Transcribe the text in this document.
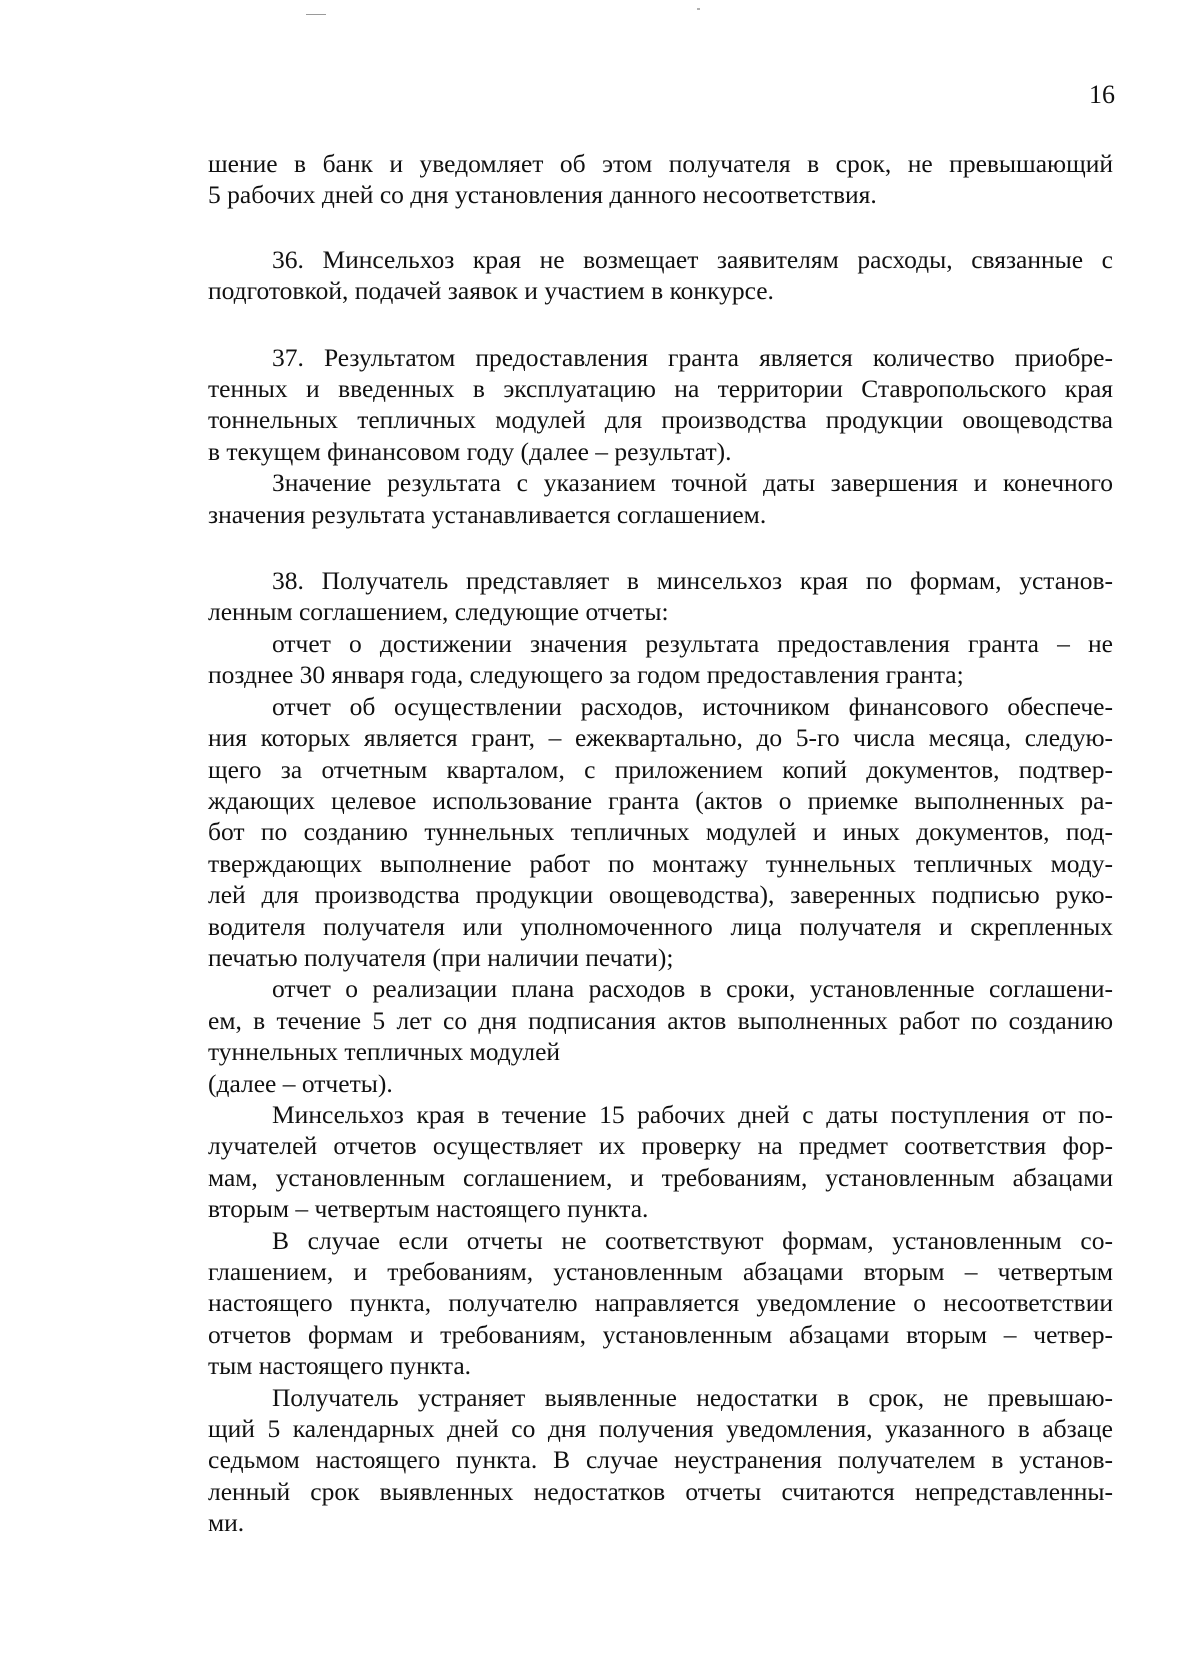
16

шение в банк и уведомляет об этом получателя в срок, не превышающий
5 рабочих дней со дня установления данного несоответствия.

36. Минсельхоз края не возмещает заявителям расходы, связанные с
подготовкой, подачей заявок и участием в конкурсе.

37. Результатом предоставления гранта является количество приобре-
тенных и введенных в эксплуатацию на территории Ставропольского края
тоннельных тепличных модулей для производства продукции овощеводства
в текущем финансовом году (далее – результат).

Значение результата с указанием точной даты завершения и конечного
значения результата устанавливается соглашением.

38. Получатель представляет в минсельхоз края по формам, установ-
ленным соглашением, следующие отчеты:

отчет о достижении значения результата предоставления гранта – не
позднее 30 января года, следующего за годом предоставления гранта;

отчет об осуществлении расходов, источником финансового обеспече-
ния которых является грант, – ежеквартально, до 5-го числа месяца, следую-
щего за отчетным кварталом, с приложением копий документов, подтвер-
ждающих целевое использование гранта (актов о приемке выполненных ра-
бот по созданию туннельных тепличных модулей и иных документов, под-
тверждающих выполнение работ по монтажу туннельных тепличных моду-
лей для производства продукции овощеводства), заверенных подписью руко-
водителя получателя или уполномоченного лица получателя и скрепленных
печатью получателя (при наличии печати);

отчет о реализации плана расходов в сроки, установленные соглашени-
ем, в течение 5 лет со дня подписания актов выполненных работ по созданию
туннельных тепличных модулей
(далее – отчеты).

Минсельхоз края в течение 15 рабочих дней с даты поступления от по-
лучателей отчетов осуществляет их проверку на предмет соответствия фор-
мам, установленным соглашением, и требованиям, установленным абзацами
вторым – четвертым настоящего пункта.

В случае если отчеты не соответствуют формам, установленным со-
глашением, и требованиям, установленным абзацами вторым – четвертым
настоящего пункта, получателю направляется уведомление о несоответствии
отчетов формам и требованиям, установленным абзацами вторым – четвер-
тым настоящего пункта.

Получатель устраняет выявленные недостатки в срок, не превышаю-
щий 5 календарных дней со дня получения уведомления, указанного в абзаце
седьмом настоящего пункта. В случае неустранения получателем в установ-
ленный срок выявленных недостатков отчеты считаются непредставленны-
ми.
